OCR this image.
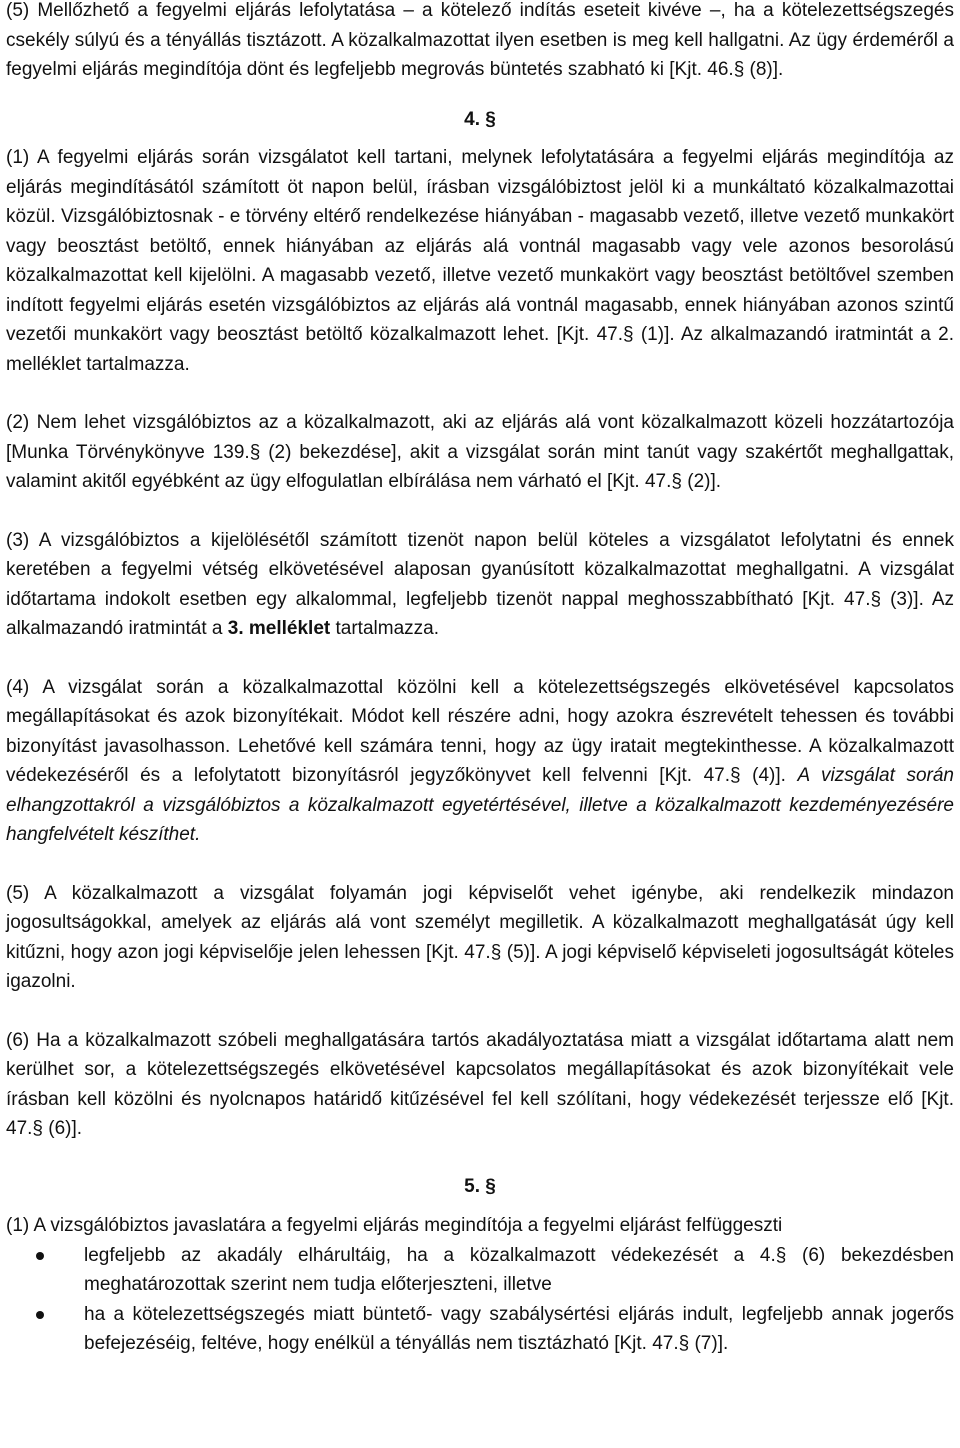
(5) Mellőzhető a fegyelmi eljárás lefolytatása – a kötelező indítás eseteit kivéve –, ha a kötelezettségszegés csekély súlyú és a tényállás tisztázott. A közalkalmazottat ilyen esetben is meg kell hallgatni. Az ügy érdeméről a fegyelmi eljárás megindítója dönt és legfeljebb megrovás büntetés szabható ki [Kjt. 46.§ (8)].

4. §

(1) A fegyelmi eljárás során vizsgálatot kell tartani, melynek lefolytatására a fegyelmi eljárás megindítója az eljárás megindításától számított öt napon belül, írásban vizsgálóbiztost jelöl ki a munkáltató közalkalmazottai közül. Vizsgálóbiztosnak - e törvény eltérő rendelkezése hiányában - magasabb vezető, illetve vezető munkakört vagy beosztást betöltő, ennek hiányában az eljárás alá vontnál magasabb vagy vele azonos besorolású közalkalmazottat kell kijelölni. A magasabb vezető, illetve vezető munkakört vagy beosztást betöltővel szemben indított fegyelmi eljárás esetén vizsgálóbiztos az eljárás alá vontnál magasabb, ennek hiányában azonos szintű vezetői munkakört vagy beosztást betöltő közalkalmazott lehet. [Kjt. 47.§ (1)]. Az alkalmazandó iratmintát a 2. melléklet tartalmazza.

(2) Nem lehet vizsgálóbiztos az a közalkalmazott, aki az eljárás alá vont közalkalmazott közeli hozzátartozója [Munka Törvénykönyve 139.§ (2) bekezdése], akit a vizsgálat során mint tanút vagy szakértőt meghallgattak, valamint akitől egyébként az ügy elfogulatlan elbírálása nem várható el [Kjt. 47.§ (2)].

(3) A vizsgálóbiztos a kijelölésétől számított tizenöt napon belül köteles a vizsgálatot lefolytatni és ennek keretében a fegyelmi vétség elkövetésével alaposan gyanúsított közalkalmazottat meghallgatni. A vizsgálat időtartama indokolt esetben egy alkalommal, legfeljebb tizenöt nappal meghosszabbítható [Kjt. 47.§ (3)]. Az alkalmazandó iratmintát a 3. melléklet tartalmazza.

(4) A vizsgálat során a közalkalmazottal közölni kell a kötelezettségszegés elkövetésével kapcsolatos megállapításokat és azok bizonyítékait. Módot kell részére adni, hogy azokra észrevételt tehessen és további bizonyítást javasolhasson. Lehetővé kell számára tenni, hogy az ügy iratait megtekinthesse. A közalkalmazott védekezéséről és a lefolytatott bizonyításról jegyzőkönyvet kell felvenni [Kjt. 47.§ (4)]. A vizsgálat során elhangzottakról a vizsgálóbiztos a közalkalmazott egyetértésével, illetve a közalkalmazott kezdeményezésére hangfelvételt készíthet.

(5) A közalkalmazott a vizsgálat folyamán jogi képviselőt vehet igénybe, aki rendelkezik mindazon jogosultságokkal, amelyek az eljárás alá vont személyt megilletik. A közalkalmazott meghallgatását úgy kell kitűzni, hogy azon jogi képviselője jelen lehessen [Kjt. 47.§ (5)]. A jogi képviselő képviseleti jogosultságát köteles igazolni.

(6) Ha a közalkalmazott szóbeli meghallgatására tartós akadályoztatása miatt a vizsgálat időtartama alatt nem kerülhet sor, a kötelezettségszegés elkövetésével kapcsolatos megállapításokat és azok bizonyítékait vele írásban kell közölni és nyolcnapos határidő kitűzésével fel kell szólítani, hogy védekezését terjessze elő [Kjt. 47.§ (6)].

5. §

(1) A vizsgálóbiztos javaslatára a fegyelmi eljárás megindítója a fegyelmi eljárást felfüggeszti

legfeljebb az akadály elhárultáig, ha a közalkalmazott védekezését a 4.§ (6) bekezdésben meghatározottak szerint nem tudja előterjeszteni, illetve
ha a kötelezettségszegés miatt büntető- vagy szabálysértési eljárás indult, legfeljebb annak jogerős befejezéséig, feltéve, hogy enélkül a tényállás nem tisztázható [Kjt. 47.§ (7)].
